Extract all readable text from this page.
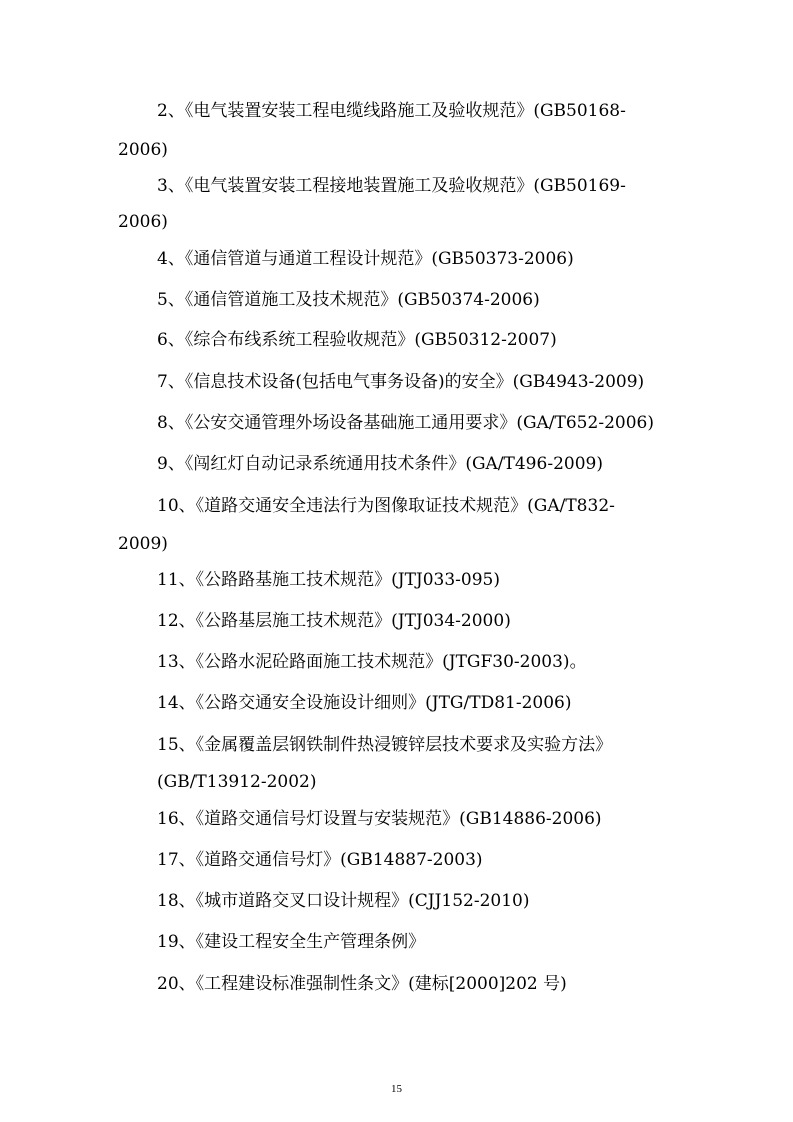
2、《电气装置安装工程电缆线路施工及验收规范》(GB50168-
2006)
3、《电气装置安装工程接地装置施工及验收规范》(GB50169-
2006)
4、《通信管道与通道工程设计规范》(GB50373-2006)
5、《通信管道施工及技术规范》(GB50374-2006)
6、《综合布线系统工程验收规范》(GB50312-2007)
7、《信息技术设备(包括电气事务设备)的安全》(GB4943-2009)
8、《公安交通管理外场设备基础施工通用要求》(GA/T652-2006)
9、《闯红灯自动记录系统通用技术条件》(GA/T496-2009)
10、《道路交通安全违法行为图像取证技术规范》(GA/T832-
2009)
11、《公路路基施工技术规范》(JTJ033-095)
12、《公路基层施工技术规范》(JTJ034-2000)
13、《公路水泥砼路面施工技术规范》(JTGF30-2003)。
14、《公路交通安全设施设计细则》(JTG/TD81-2006)
15、《金属覆盖层钢铁制件热浸镀锌层技术要求及实验方法》
(GB/T13912-2002)
16、《道路交通信号灯设置与安装规范》(GB14886-2006)
17、《道路交通信号灯》(GB14887-2003)
18、《城市道路交叉口设计规程》(CJJ152-2010)
19、《建设工程安全生产管理条例》
20、《工程建设标准强制性条文》(建标[2000]202 号)
15
